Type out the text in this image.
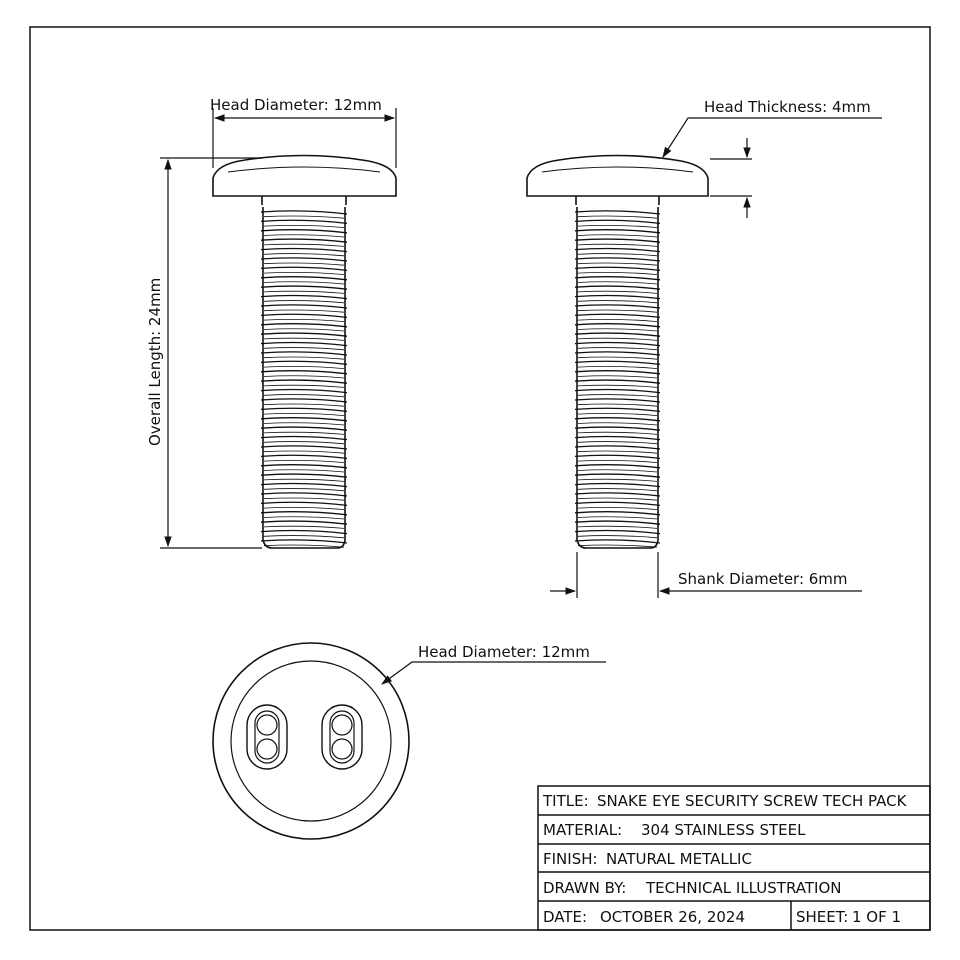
Head Diameter: 12mm
Overall Length: 24mm
Head Thickness: 4mm
Shank Diameter: 6mm
Head Diameter: 12mm
TITLE: SNAKE EYE SECURITY SCREW TECH PACK
MATERIAL: 304 STAINLESS STEEL
FINISH: NATURAL METALLIC
DRAWN BY: TECHNICAL ILLUSTRATION
DATE: OCTOBER 26, 2024	SHEET: 1 OF 1
